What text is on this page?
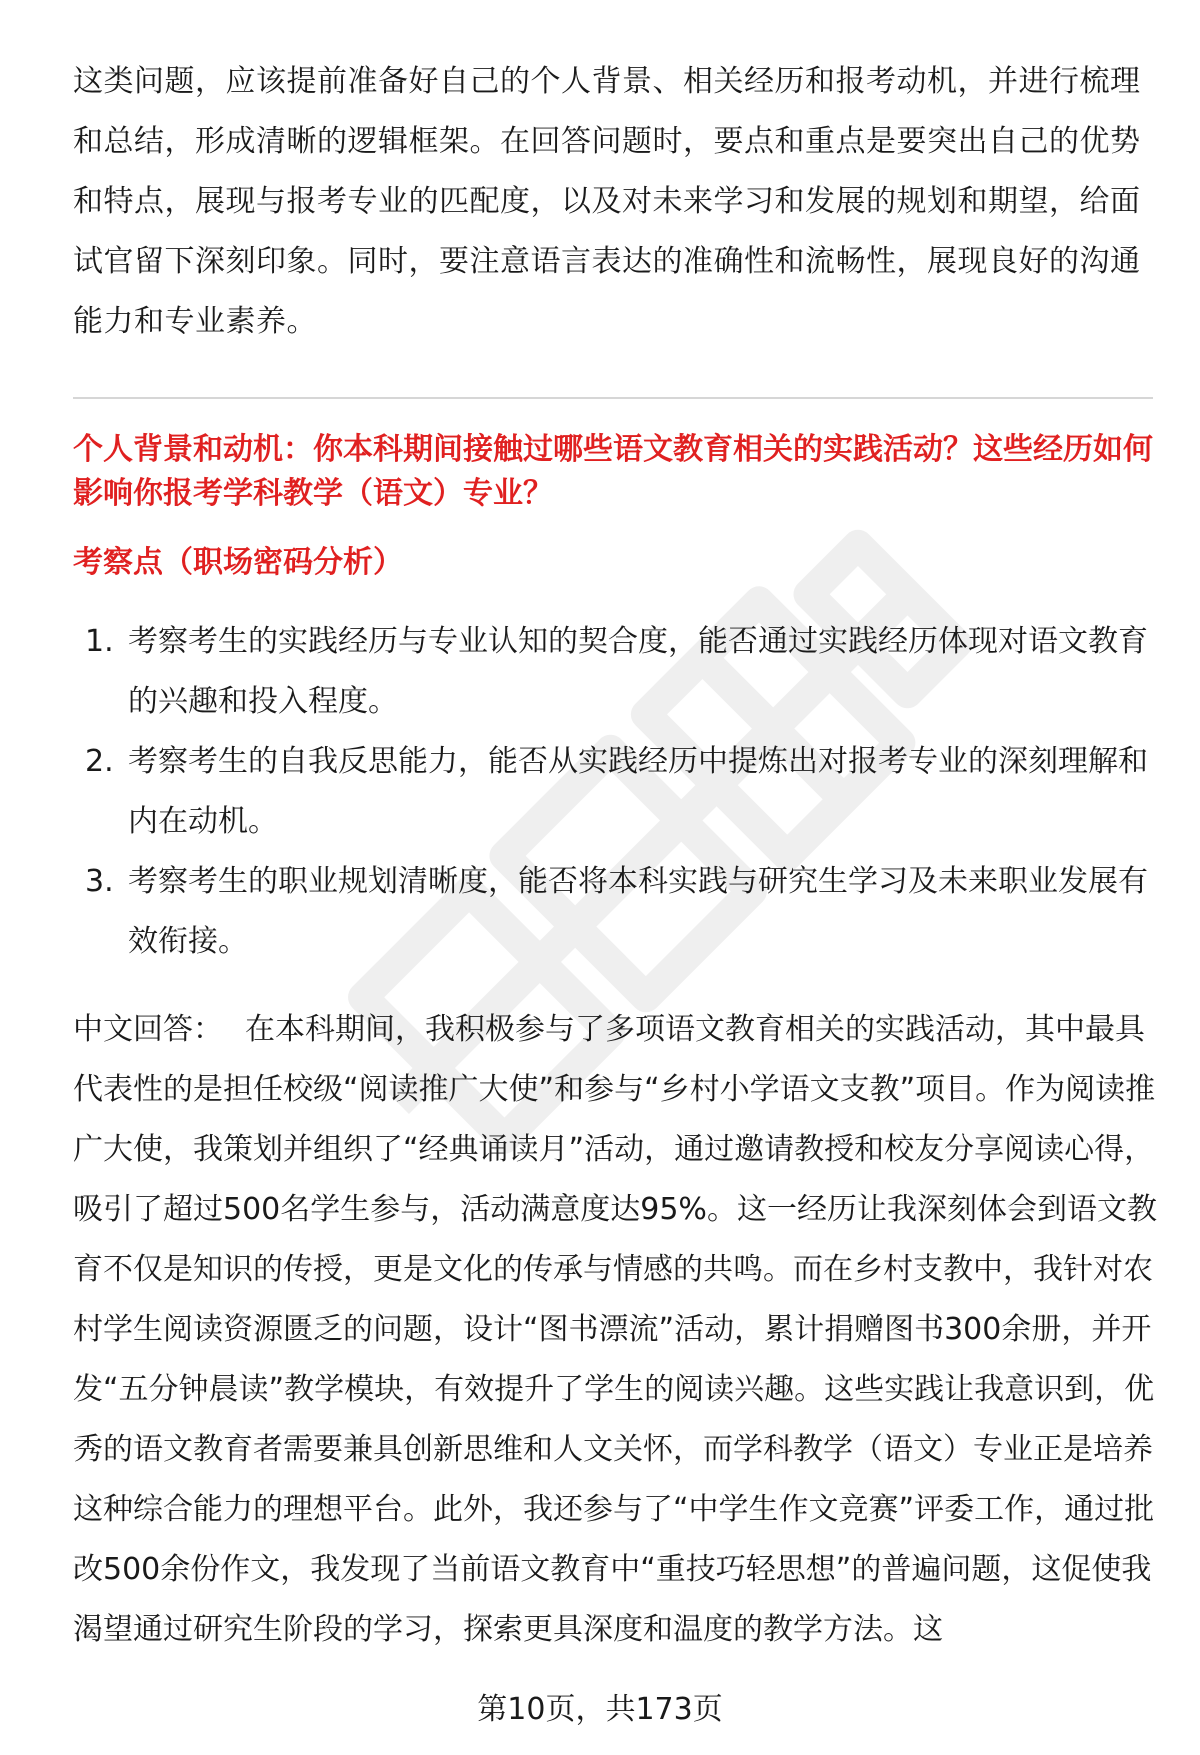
这类问题，应该提前准备好自己的个人背景、相关经历和报考动机，并进行梳理和总结，形成清晰的逻辑框架。在回答问题时，要点和重点是要突出自己的优势和特点，展现与报考专业的匹配度，以及对未来学习和发展的规划和期望，给面试官留下深刻印象。同时，要注意语言表达的准确性和流畅性，展现良好的沟通能力和专业素养。

个人背景和动机：你本科期间接触过哪些语文教育相关的实践活动？这些经历如何影响你报考学科教学（语文）专业？

考察点（职场密码分析）

1. 考察考生的实践经历与专业认知的契合度，能否通过实践经历体现对语文教育的兴趣和投入程度。
2. 考察考生的自我反思能力，能否从实践经历中提炼出对报考专业的深刻理解和内在动机。
3. 考察考生的职业规划清晰度，能否将本科实践与研究生学习及未来职业发展有效衔接。

中文回答： 在本科期间，我积极参与了多项语文教育相关的实践活动，其中最具代表性的是担任校级“阅读推广大使”和参与“乡村小学语文支教”项目。作为阅读推广大使，我策划并组织了“经典诵读月”活动，通过邀请教授和校友分享阅读心得，吸引了超过500名学生参与，活动满意度达95%。这一经历让我深刻体会到语文教育不仅是知识的传授，更是文化的传承与情感的共鸣。而在乡村支教中，我针对农村学生阅读资源匮乏的问题，设计“图书漂流”活动，累计捐赠图书300余册，并开发“五分钟晨读”教学模块，有效提升了学生的阅读兴趣。这些实践让我意识到，优秀的语文教育者需要兼具创新思维和人文关怀，而学科教学（语文）专业正是培养这种综合能力的理想平台。此外，我还参与了“中学生作文竞赛”评委工作，通过批改500余份作文，我发现了当前语文教育中“重技巧轻思想”的普遍问题，这促使我渴望通过研究生阶段的学习，探索更具深度和温度的教学方法。这

第10页，共173页
